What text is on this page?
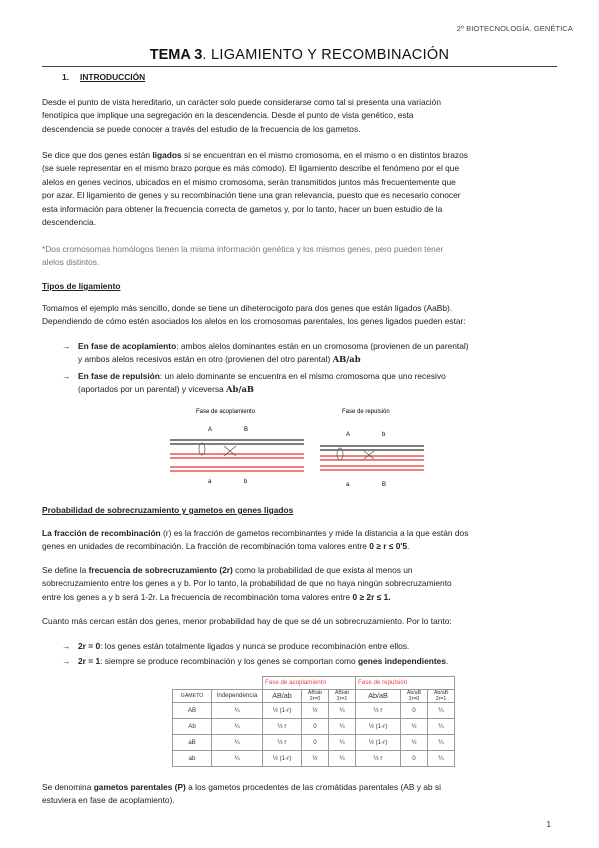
2º BIOTECNOLOGÍA. GENÉTICA
TEMA 3. LIGAMIENTO Y RECOMBINACIÓN
1. INTRODUCCIÓN
Desde el punto de vista hereditario, un carácter solo puede considerarse como tal si presenta una variación
fenotípica que implique una segregación en la descendencia. Desde el punto de vista genético, esta
descendencia se puede conocer a través del estudio de la frecuencia de los gametos.
Se dice que dos genes están ligados si se encuentran en el mismo cromosoma, en el mismo o en distintos brazos
(se suele representar en el mismo brazo porque es más cómodo). El ligamiento describe el fenómeno por el que
alelos en genes vecinos, ubicados en el mismo cromosoma, serán transmitidos juntos más frecuentemente que
por azar. El ligamiento de genes y su recombinación tiene una gran relevancia, puesto que es necesario conocer
esta información para obtener la frecuencia correcta de gametos y, por lo tanto, hacer un buen estudio de la
descendencia.
*Dos cromosomas homólogos tienen la misma información genética y los mismos genes, pero pueden tener
alelos distintos.
Tipos de ligamiento
Tomamos el ejemplo más sencillo, donde se tiene un diheterocigoto para dos genes que están ligados (AaBb).
Dependiendo de cómo estén asociados los alelos en los cromosomas parentales, los genes ligados pueden estar:
→ En fase de acoplamiento: ambos alelos dominantes están en un cromosoma (provienen de un parental)
y ambos alelos recesivos están en otro (provienen del otro parental) AB/ab
→ En fase de repulsión: un alelo dominante se encuentra en el mismo cromosoma que uno recesivo
(aportados por un parental) y viceversa Ab/aB
Fase de acoplamiento
A	B
a	b
Fase de repulsión
A	b
a	B
Probabilidad de sobrecruzamiento y gametos en genes ligados
La fracción de recombinación (r) es la fracción de gametos recombinantes y mide la distancia a la que están dos
genes en unidades de recombinación. La fracción de recombinación toma valores entre 0 ≥ r ≤ 0'5.
Se define la frecuencia de sobrecruzamiento (2r) como la probabilidad de que exista al menos un
sobrecruzamiento entre los genes a y b. Por lo tanto, la probabilidad de que no haya ningún sobrecruzamiento
entre los genes a y b será 1-2r. La frecuencia de recombinación toma valores entre 0 ≥ 2r ≤ 1.
Cuanto más cercan están dos genes, menor probabilidad hay de que se dé un sobrecruzamiento. Por lo tanto:
→ 2r = 0: los genes están totalmente ligados y nunca se produce recombinación entre ellos.
→ 2r = 1: siempre se produce recombinación y los genes se comportan como genes independientes.
		Fase de acoplamiento			Fase de repulsión		
GAMETO	Independencia	AB/ab	AB/ab 2r=0	AB/ab 2r=1	Ab/aB	Ab/aB 2r=0	Ab/aB 2r=1
AB	¼	½ (1-r)	½	¼	½ r	0	¼
Ab	¼	½ r	0	¼	½ (1-r)	½	¼
aB	¼	½ r	0	¼	½ (1-r)	½	¼
ab	¼	½ (1-r)	½	¼	½ r	0	¼
Se denomina gametos parentales (P) a los gametos procedentes de las cromátidas parentales (AB y ab si
estuviera en fase de acoplamiento).
1
